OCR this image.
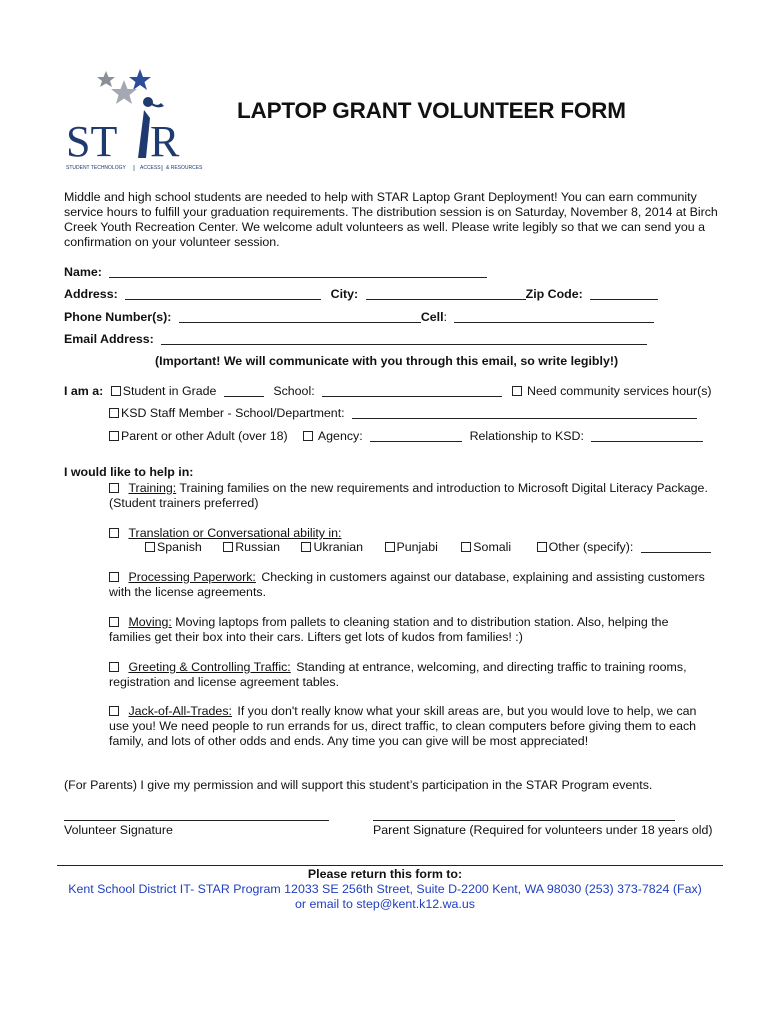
ST R
STUDENT TECHNOLOGY	ACCESS & RESOURCES
LAPTOP GRANT VOLUNTEER FORM
Middle and high school students are needed to help with STAR Laptop Grant Deployment! You can earn community service hours to fulfill your graduation requirements. The distribution session is on Saturday, November 8, 2014 at Birch Creek Youth Recreation Center. We welcome adult volunteers as well. Please write legibly so that we can send you a confirmation on your volunteer session.
Name:
Address:	City:	Zip Code:
Phone Number(s):	Cell:
Email Address:
(Important! We will communicate with you through this email, so write legibly!)
I am a: Student in Grade	School:	Need community services hour(s)
KSD Staff Member - School/Department:
Parent or other Adult (over 18) Agency:	Relationship to KSD:
I would like to help in:
Training: Training families on the new requirements and introduction to Microsoft Digital Literacy Package.
(Student trainers preferred)
Translation or Conversational ability in:
Spanish	Russian	Ukranian	Punjabi	Somali	Other (specify):
Processing Paperwork: Checking in customers against our database, explaining and assisting customers
with the license agreements.
Moving: Moving laptops from pallets to cleaning station and to distribution station. Also, helping the
families get their box into their cars. Lifters get lots of kudos from families! :)
Greeting & Controlling Traffic: Standing at entrance, welcoming, and directing traffic to training rooms,
registration and license agreement tables.
Jack-of-All-Trades: If you don't really know what your skill areas are, but you would love to help, we can
use you! We need people to run errands for us, direct traffic, to clean computers before giving them to each
family, and lots of other odds and ends. Any time you can give will be most appreciated!
(For Parents) I give my permission and will support this student’s participation in the STAR Program events.
Volunteer Signature	Parent Signature (Required for volunteers under 18 years old)
Please return this form to:
Kent School District IT- STAR Program 12033 SE 256th Street, Suite D-2200 Kent, WA 98030 (253) 373-7824 (Fax)
or email to step@kent.k12.wa.us
